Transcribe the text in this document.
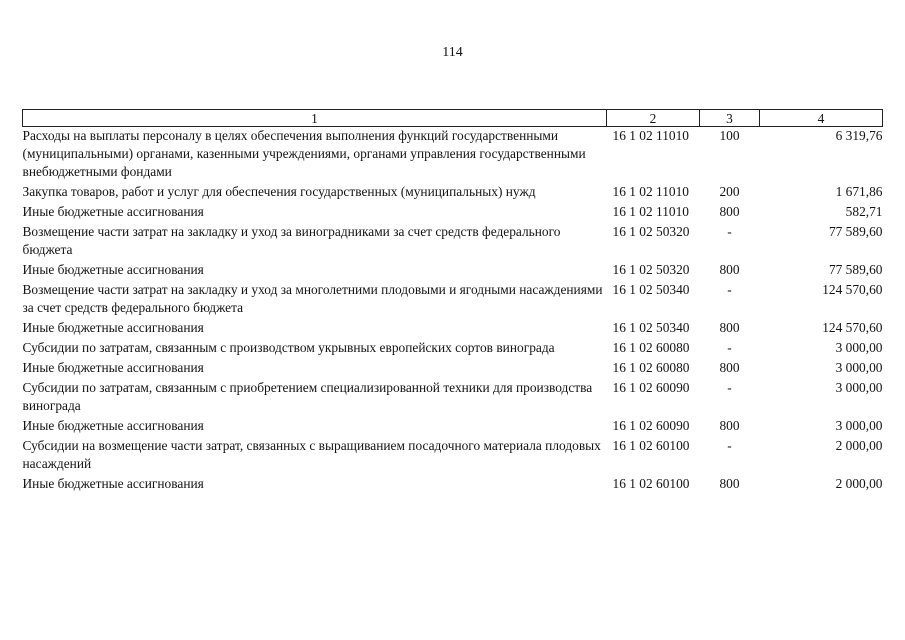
114
1	2	3	4
Расходы на выплаты персоналу в целях обеспечения выполнения функций государственными (муниципальными) органами, казенными учреждениями, органами управления государственными внебюджетными фондами	16 1 02 11010	100	6 319,76
Закупка товаров, работ и услуг для обеспечения государственных (муниципальных) нужд	16 1 02 11010	200	1 671,86
Иные бюджетные ассигнования	16 1 02 11010	800	582,71
Возмещение части затрат на закладку и уход за виноградниками за счет средств федерального бюджета	16 1 02 50320	-	77 589,60
Иные бюджетные ассигнования	16 1 02 50320	800	77 589,60
Возмещение части затрат на закладку и уход за многолетними плодовыми и ягодными насаждениями за счет средств федерального бюджета	16 1 02 50340	-	124 570,60
Иные бюджетные ассигнования	16 1 02 50340	800	124 570,60
Субсидии по затратам, связанным с производством укрывных европейских сортов винограда	16 1 02 60080	-	3 000,00
Иные бюджетные ассигнования	16 1 02 60080	800	3 000,00
Субсидии по затратам, связанным с приобретением специализированной техники для производства винограда	16 1 02 60090	-	3 000,00
Иные бюджетные ассигнования	16 1 02 60090	800	3 000,00
Субсидии на возмещение части затрат, связанных с выращиванием посадочного материала плодовых насаждений	16 1 02 60100	-	2 000,00
Иные бюджетные ассигнования	16 1 02 60100	800	2 000,00
